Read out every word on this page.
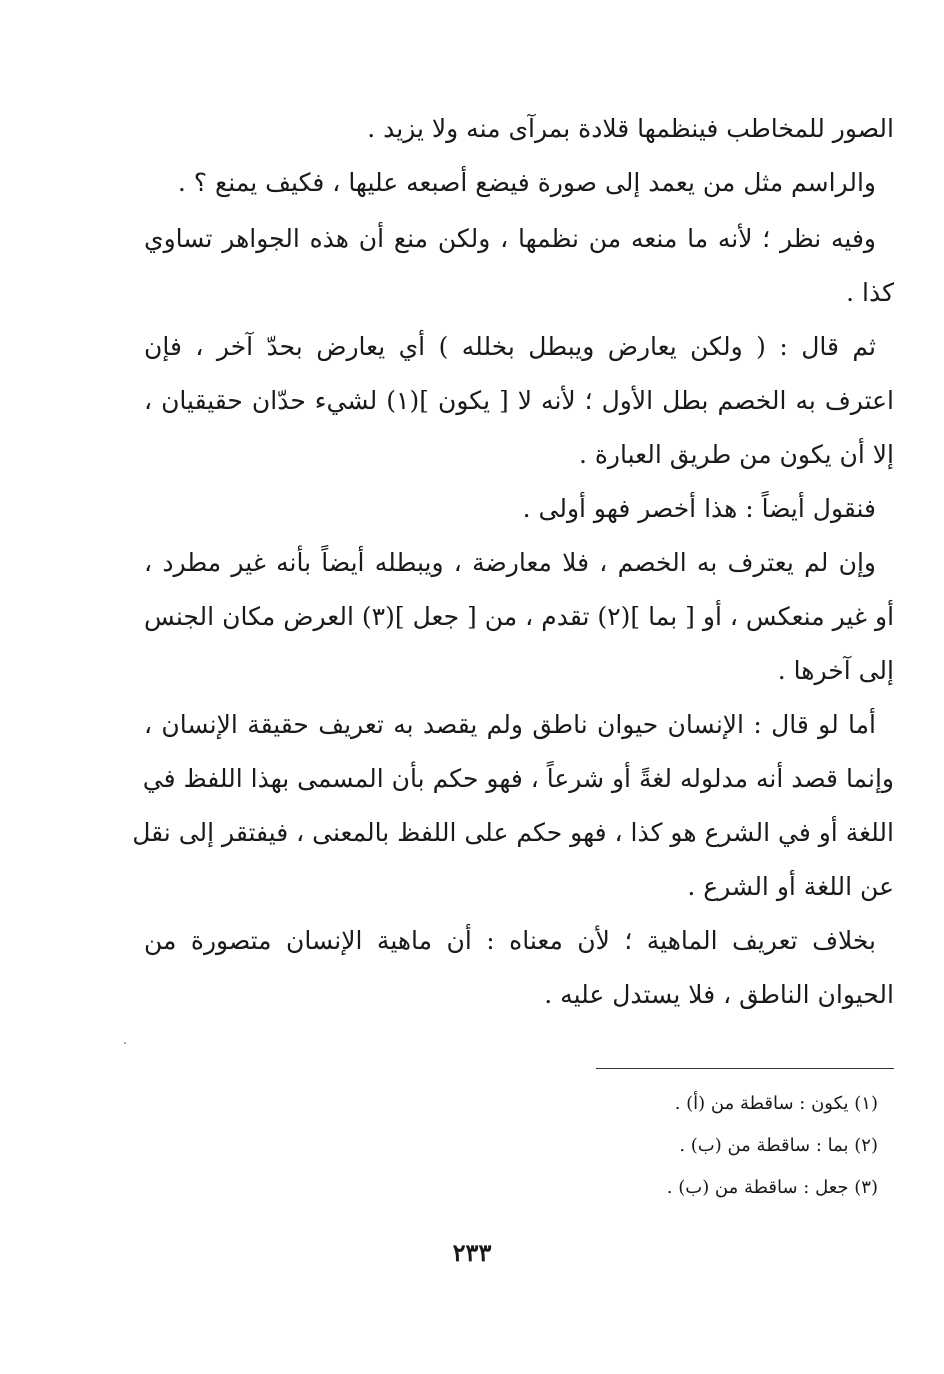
الصور للمخاطب فينظمها قلادة بمرآى منه ولا يزيد .
والراسم مثل من يعمد إلى صورة فيضع أصبعه عليها ، فكيف يمنع ؟ .
وفيه نظر ؛ لأنه ما منعه من نظمها ، ولكن منع أن هذه الجواهر تساوي
كذا .
ثم قال : ( ولكن يعارض ويبطل بخلله ) أي يعارض بحدّ آخر ، فإن
اعترف به الخصم بطل الأول ؛ لأنه لا [ يكون ](١) لشيء حدّان حقيقيان ،
إلا أن يكون من طريق العبارة .
فنقول أيضاً : هذا أخصر فهو أولى .
وإن لم يعترف به الخصم ، فلا معارضة ، ويبطله أيضاً بأنه غير مطرد ،
أو غير منعكس ، أو [ بما ](٢) تقدم ، من [ جعل ](٣) العرض مكان الجنس
إلى آخرها .
أما لو قال : الإنسان حيوان ناطق ولم يقصد به تعريف حقيقة الإنسان ،
وإنما قصد أنه مدلوله لغةً أو شرعاً ، فهو حكم بأن المسمى بهذا اللفظ في
اللغة أو في الشرع هو كذا ، فهو حكم على اللفظ بالمعنى ، فيفتقر إلى نقل
عن اللغة أو الشرع .
بخلاف تعريف الماهية ؛ لأن معناه : أن ماهية الإنسان متصورة من
الحيوان الناطق ، فلا يستدل عليه .
(١) يكون : ساقطة من (أ) .
(٢) بما : ساقطة من (ب) .
(٣) جعل : ساقطة من (ب) .
٢٣٣
